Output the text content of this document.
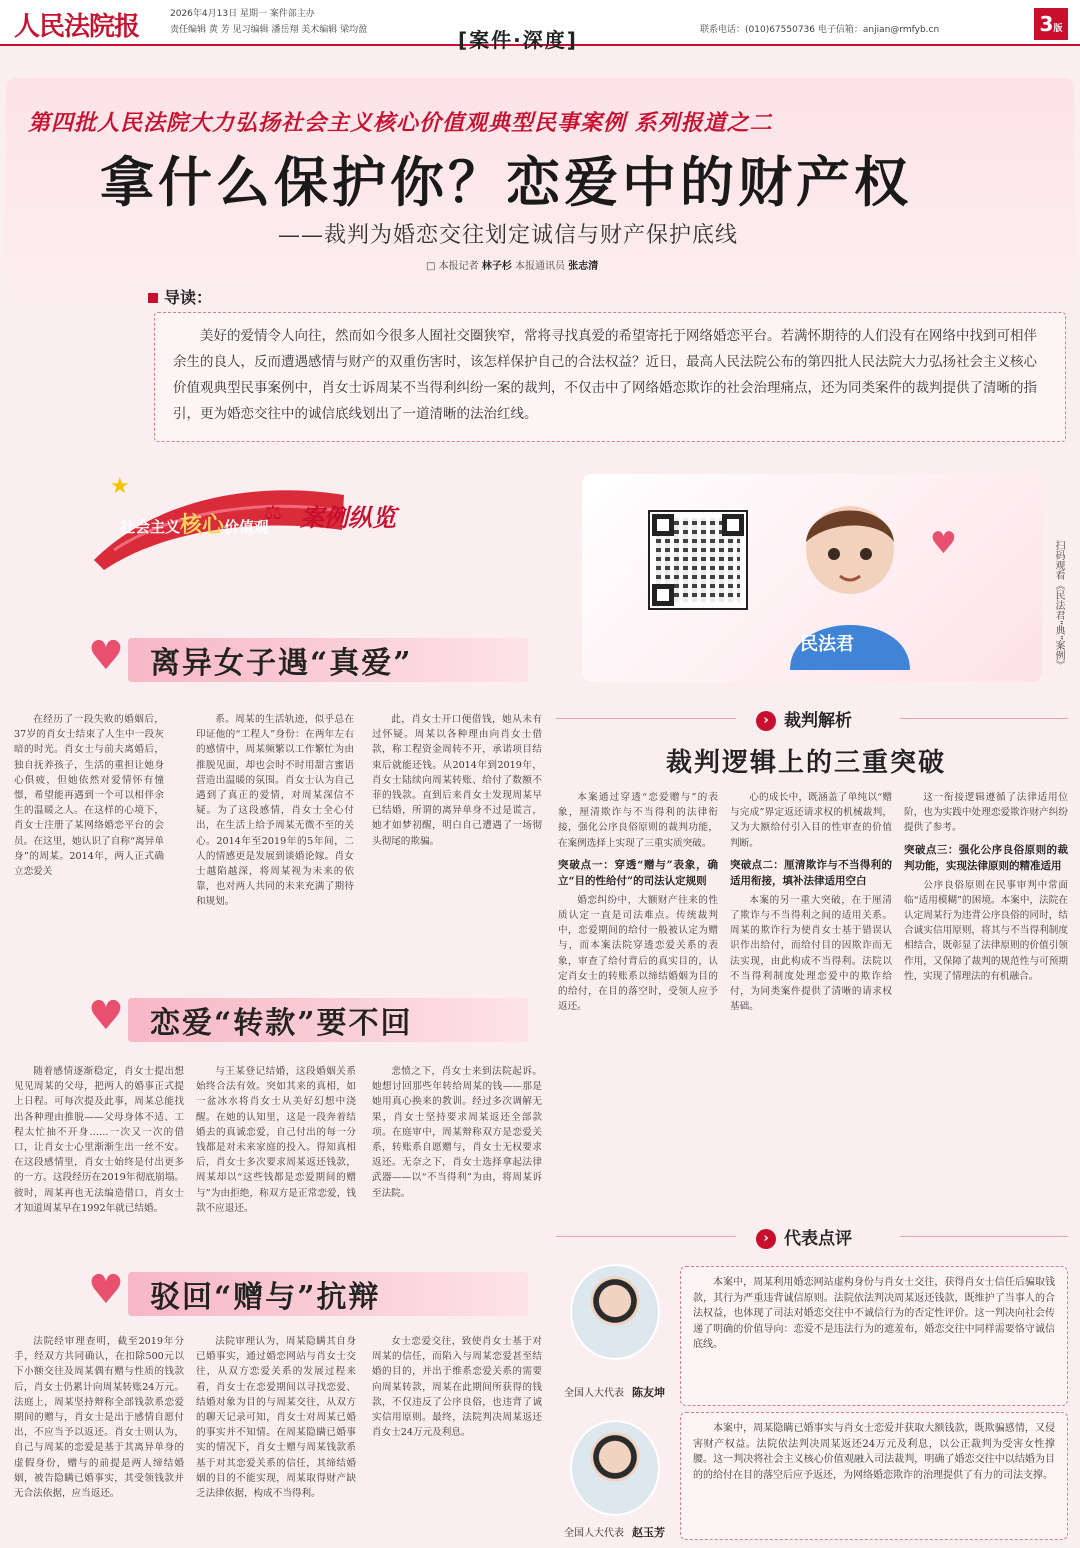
人民法院报	2026年4月13日 星期一 案件部主办
责任编辑 黄 芳 见习编辑 潘岳翔 美术编辑 梁均盈	[案件·深度]	联系电话：(010)67550736 电子信箱：anjian@rmfyb.cn	3版
第四批人民法院大力弘扬社会主义核心价值观典型民事案例 系列报道之二
拿什么保护你？恋爱中的财产权
——裁判为婚恋交往划定诚信与财产保护底线
□ 本报记者 林子杉 本报通讯员 张志清
导读：
美好的爱情令人向往，然而如今很多人囿社交圈狭窄，常将寻找真爱的希望寄托于网络婚恋平台。若满怀期待的人们没有在网络中找到可相伴余生的良人，反而遭遇感情与财产的双重伤害时，该怎样保护自己的合法权益？近日，最高人民法院公布的第四批人民法院大力弘扬社会主义核心价值观典型民事案例中，肖女士诉周某不当得利纠纷一案的裁判，不仅击中了网络婚恋欺诈的社会治理痛点，还为同类案件的裁判提供了清晰的指引，更为婚恋交往中的诚信底线划出了一道清晰的法治红线。
★
社会主义核心价值观
⚖ 案例纵览
民法君
♥	扫码观看《民法君“典”案例》
♥ 离异女子遇“真爱”

在经历了一段失败的婚姻后，37岁的肖女士结束了人生中一段灰暗的时光。肖女士与前夫离婚后，独自抚养孩子，生活的重担让她身心俱疲，但她依然对爱情怀有憧憬，希望能再遇到一个可以相伴余生的温暖之人。在这样的心境下，肖女士注册了某网络婚恋平台的会员。在这里，她认识了自称“离异单身”的周某。2014年，两人正式确立恋爱关

系。周某的生活轨迹，似乎总在印证他的“工程人”身份：在两年左右的感情中，周某频繁以工作繁忙为由推脱见面，却也会时不时用甜言蜜语营造出温暖的氛围。肖女士认为自己遇到了真正的爱情，对周某深信不疑。为了这段感情，肖女士全心付出，在生活上给予周某无微不至的关心。2014年至2019年的5年间，二人的情感更是发展到谈婚论嫁。肖女士越陷越深，将周某视为未来的依靠，也对两人共同的未来充满了期待和规划。

此，肖女士开口便借钱，她从未有过怀疑。周某以各种理由向肖女士借款，称工程资金周转不开，承诺项目结束后就能还钱。从2014年到2019年，肖女士陆续向周某转账、给付了数额不菲的钱款。直到后来肖女士发现周某早已结婚，所谓的离异单身不过是谎言，她才如梦初醒，明白自己遭遇了一场彻头彻尾的欺骗。

♥ 恋爱“转款”要不回

随着感情逐渐稳定，肖女士提出想见见周某的父母，把两人的婚事正式提上日程。可每次提及此事，周某总能找出各种理由推脱——父母身体不适、工程太忙抽不开身……一次又一次的借口，让肖女士心里渐渐生出一丝不安。在这段感情里，肖女士始终是付出更多的一方。这段经历在2019年彻底崩塌。彼时，周某再也无法编造借口，肖女士才知道周某早在1992年就已结婚。

与王某登记结婚，这段婚姻关系始终合法有效。突如其来的真相，如一盆冰水将肖女士从美好幻想中浇醒。在她的认知里，这是一段奔着结婚去的真诚恋爱，自己付出的每一分钱都是对未来家庭的投入。得知真相后，肖女士多次要求周某返还钱款，周某却以“这些钱都是恋爱期间的赠与”为由拒绝，称双方是正常恋爱，钱款不应退还。

悲愤之下，肖女士来到法院起诉。她想讨回那些年转给周某的钱——那是她用真心换来的教训。经过多次调解无果，肖女士坚持要求周某返还全部款项。在庭审中，周某辩称双方是恋爱关系，转账系自愿赠与，肖女士无权要求返还。无奈之下，肖女士选择拿起法律武器——以“不当得利”为由，将周某诉至法院。

♥ 驳回“赠与”抗辩

法院经审理查明，截至2019年分手，经双方共同确认，在扣除500元以下小额交往及周某偶有赠与性质的钱款后，肖女士仍累计向周某转账24万元。法庭上，周某坚持辩称全部钱款系恋爱期间的赠与，肖女士是出于感情自愿付出，不应当予以返还。肖女士则认为，自己与周某的恋爱是基于其离异单身的虚假身份，赠与的前提是两人缔结婚姻，被告隐瞒已婚事实，其受领钱款并无合法依据，应当返还。

法院审理认为，周某隐瞒其自身已婚事实，通过婚恋网站与肖女士交往，从双方恋爱关系的发展过程来看，肖女士在恋爱期间以寻找恋爱、结婚对象为目的与周某交往，从双方的聊天记录可知，肖女士对周某已婚的事实并不知情。在周某隐瞒已婚事实的情况下，肖女士赠与周某钱款系基于对其恋爱关系的信任，其缔结婚姻的目的不能实现，周某取得财产缺乏法律依据，构成不当得利。

女士恋爱交往，致使肖女士基于对周某的信任，而陷入与周某恋爱甚至结婚的目的，并出于维系恋爱关系的需要向周某转款，周某在此期间所获得的钱款，不仅违反了公序良俗，也违背了诚实信用原则。最终，法院判决周某返还肖女士24万元及利息。

› 裁判解析
裁判逻辑上的三重突破

本案通过穿透“恋爱赠与”的表象，厘清欺诈与不当得利的法律衔接，强化公序良俗原则的裁判功能，在案例选择上实现了三重实质突破。

突破点一：穿透“赠与”表象，确立“目的性给付”的司法认定规则

婚恋纠纷中，大额财产往来的性质认定一直是司法难点。传统裁判中，恋爱期间的给付一般被认定为赠与，而本案法院穿透恋爱关系的表象，审查了给付背后的真实目的，认定肖女士的转账系以缔结婚姻为目的的给付，在目的落空时，受领人应予返还。

心的成长中，既涵盖了单纯以“赠与完成”界定返还请求权的机械裁判，又为大额给付引入目的性审查的价值判断。

突破点二：厘清欺诈与不当得利的适用衔接，填补法律适用空白

本案的另一重大突破，在于厘清了欺诈与不当得利之间的适用关系。周某的欺诈行为使肖女士基于错误认识作出给付，而给付目的因欺诈而无法实现，由此构成不当得利。法院以不当得利制度处理恋爱中的欺诈给付，为同类案件提供了清晰的请求权基础。

这一衔接逻辑遵循了法律适用位阶，也为实践中处理恋爱欺诈财产纠纷提供了参考。

突破点三：强化公序良俗原则的裁判功能，实现法律原则的精准适用

公序良俗原则在民事审判中常面临“适用模糊”的困境。本案中，法院在认定周某行为违背公序良俗的同时，结合诚实信用原则，将其与不当得利制度相结合，既彰显了法律原则的价值引领作用，又保障了裁判的规范性与可预期性，实现了情理法的有机融合。

› 代表点评
全国人大代表 陈友坤
本案中，周某利用婚恋网站虚构身份与肖女士交往，获得肖女士信任后骗取钱款，其行为严重违背诚信原则。法院依法判决周某返还钱款，既维护了当事人的合法权益，也体现了司法对婚恋交往中不诚信行为的否定性评价。这一判决向社会传递了明确的价值导向：恋爱不是违法行为的遮羞布，婚恋交往中同样需要恪守诚信底线。
全国人大代表 赵玉芳
本案中，周某隐瞒已婚事实与肖女士恋爱并获取大额钱款，既欺骗感情，又侵害财产权益。法院依法判决周某返还24万元及利息，以公正裁判为受害女性撑腰。这一判决将社会主义核心价值观融入司法裁判，明确了婚恋交往中以结婚为目的的给付在目的落空后应予返还，为网络婚恋欺诈的治理提供了有力的司法支撑。
